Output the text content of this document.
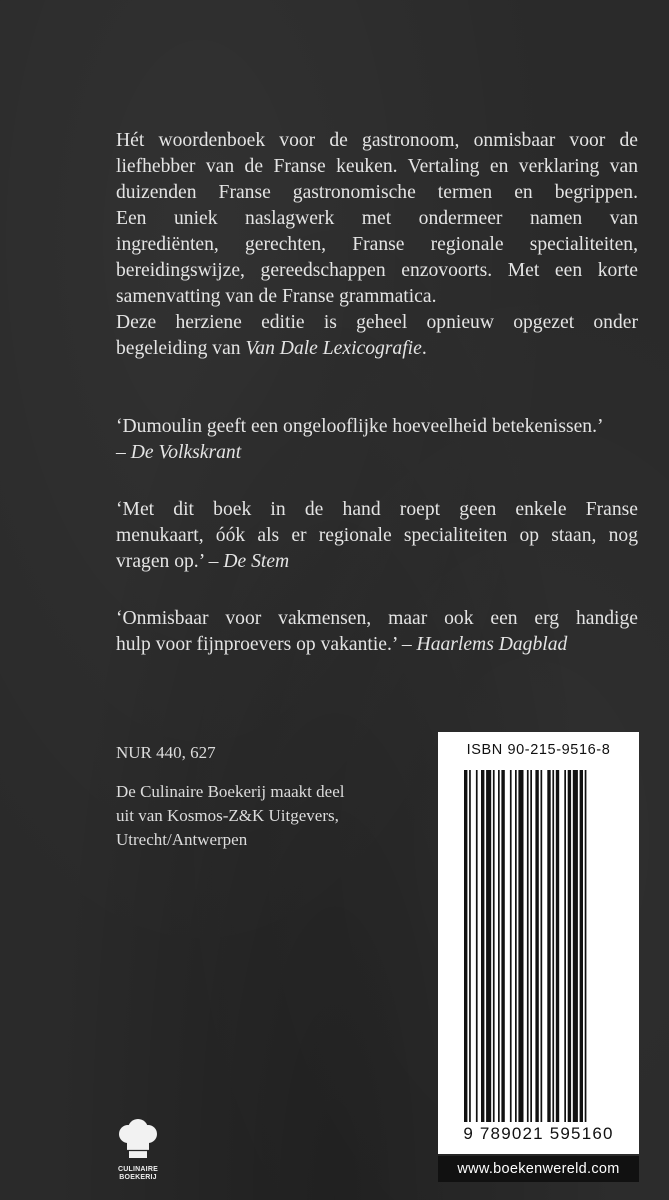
Hét woordenboek voor de gastronoom, onmisbaar voor de

liefhebber van de Franse keuken. Vertaling en verklaring van

duizenden Franse gastronomische termen en begrippen.

Een uniek naslagwerk met ondermeer namen van

ingrediënten, gerechten, Franse regionale specialiteiten,

bereidingswijze, gereedschappen enzovoorts. Met een korte

samenvatting van de Franse grammatica.

Deze herziene editie is geheel opnieuw opgezet onder

begeleiding van Van Dale Lexicografie.

‘Dumoulin geeft een ongelooflijke hoeveelheid betekenissen.’

– De Volkskrant

‘Met dit boek in de hand roept geen enkele Franse

menukaart, óók als er regionale specialiteiten op staan, nog

vragen op.’ – De Stem

‘Onmisbaar voor vakmensen, maar ook een erg handige

hulp voor fijnproevers op vakantie.’ – Haarlems Dagblad

NUR 440, 627
De Culinaire Boekerij maakt deel
uit van Kosmos-Z&K Uitgevers,
Utrecht/Antwerpen
CULINAIRE
BOEKERIJ
ISBN 90-215-9516-8
9 789021 595160
www.boekenwereld.com
